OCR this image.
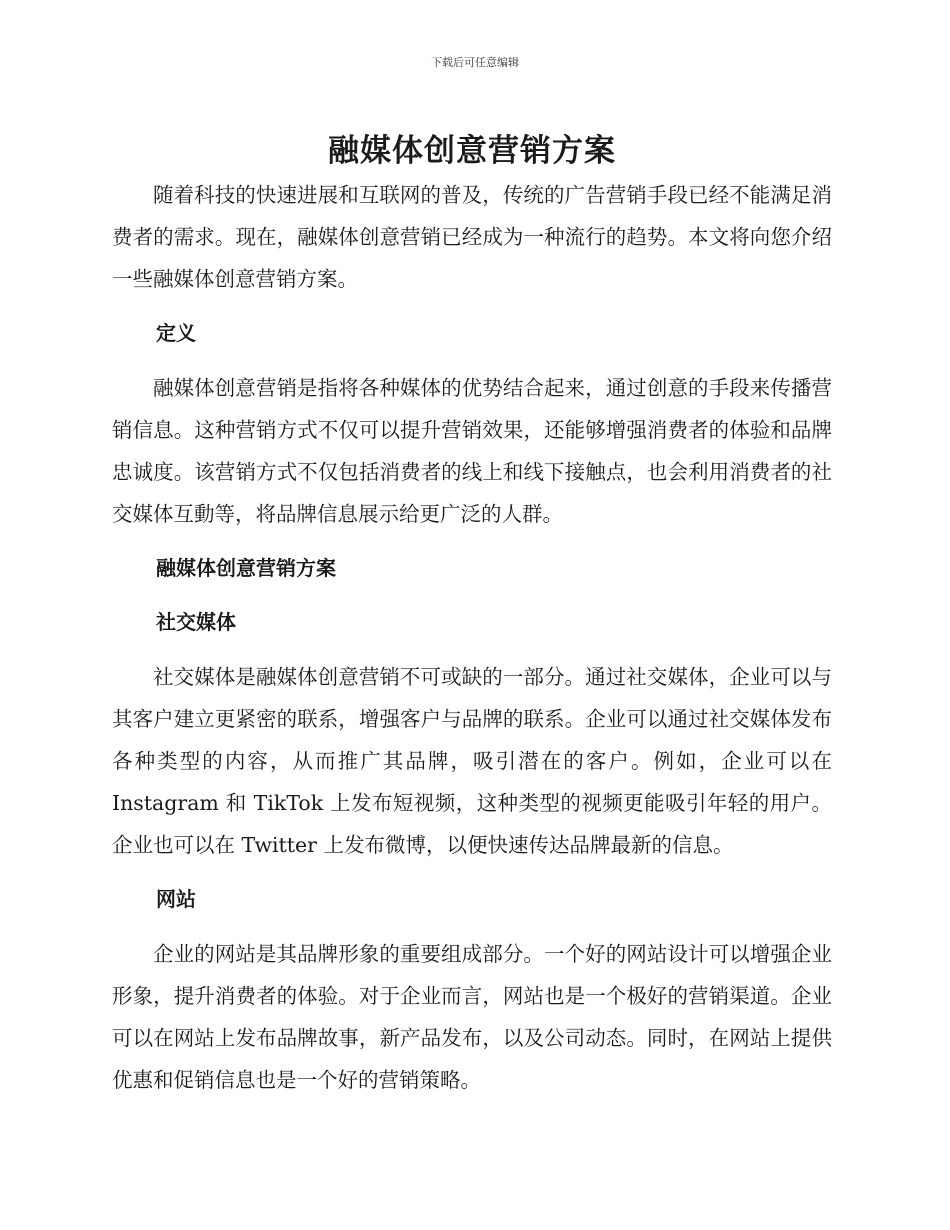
下载后可任意编辑
融媒体创意营销方案

随着科技的快速进展和互联网的普及，传统的广告营销手段已经不能满足消费者的需求。现在，融媒体创意营销已经成为一种流行的趋势。本文将向您介绍一些融媒体创意营销方案。

定义

融媒体创意营销是指将各种媒体的优势结合起来，通过创意的手段来传播营销信息。这种营销方式不仅可以提升营销效果，还能够增强消费者的体验和品牌忠诚度。该营销方式不仅包括消费者的线上和线下接触点，也会利用消费者的社交媒体互動等，将品牌信息展示给更广泛的人群。

融媒体创意营销方案
社交媒体

社交媒体是融媒体创意营销不可或缺的一部分。通过社交媒体，企业可以与其客户建立更紧密的联系，增强客户与品牌的联系。企业可以通过社交媒体发布各种类型的内容，从而推广其品牌，吸引潜在的客户。例如，企业可以在 Instagram 和 TikTok 上发布短视频，这种类型的视频更能吸引年轻的用户。企业也可以在 Twitter 上发布微博，以便快速传达品牌最新的信息。

网站

企业的网站是其品牌形象的重要组成部分。一个好的网站设计可以增强企业形象，提升消费者的体验。对于企业而言，网站也是一个极好的营销渠道。企业可以在网站上发布品牌故事，新产品发布，以及公司动态。同时，在网站上提供优惠和促销信息也是一个好的营销策略。
